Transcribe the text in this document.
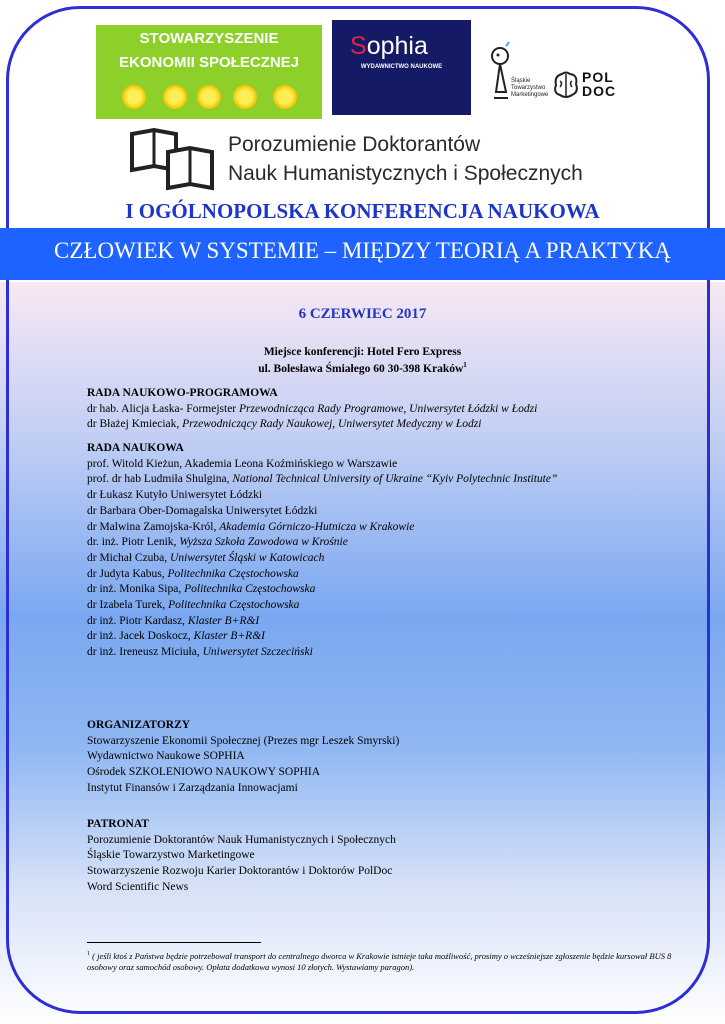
STOWARZYSZENIE
EKONOMII SPOŁECZNEJ
Sophia
WYDAWNICTWO NAUKOWE
Śląskie Towarzystwo Marketingowe
POL
DOC
Porozumienie Doktorantów
Nauk Humanistycznych i Społecznych
I OGÓLNOPOLSKA KONFERENCJA NAUKOWA
CZŁOWIEK W SYSTEMIE – MIĘDZY TEORIĄ A PRAKTYKĄ
6 CZERWIEC 2017
Miejsce konferencji: Hotel Fero Express
ul. Bolesława Śmiałego 60 30-398 Kraków$^1$
RADA NAUKOWO-PROGRAMOWA
dr hab. Alicja Łaska- Formejster Przewodnicząca Rady Programowe, Uniwersytet Łódzki w Łodzi
dr Błażej Kmieciak, Przewodniczący Rady Naukowej, Uniwersytet Medyczny w Łodzi
RADA NAUKOWA
prof. Witold Kieżun, Akademia Leona Koźmińskiego w Warszawie
prof. dr hab Ludmiła Shulgina, National Technical University of Ukraine “Kyiv Polytechnic Institute”
dr Łukasz Kutyło Uniwersytet Łódzki
dr Barbara Ober-Domagalska Uniwersytet Łódzki
dr Malwina Zamojska-Król, Akademia Górniczo-Hutnicza w Krakowie
dr. inż. Piotr Lenik, Wyższa Szkoła Zawodowa w Krośnie
dr Michał Czuba, Uniwersytet Śląski w Katowicach
dr Judyta Kabus, Politechnika Częstochowska
dr inż. Monika Sipa, Politechnika Częstochowska
dr Izabela Turek, Politechnika Częstochowska
dr inż. Piotr Kardasz, Klaster B+R&I
dr inż. Jacek Doskocz, Klaster B+R&I
dr inż. Ireneusz Miciuła, Uniwersytet Szczeciński
ORGANIZATORZY
Stowarzyszenie Ekonomii Społecznej (Prezes mgr Leszek Smyrski)
Wydawnictwo Naukowe SOPHIA
Ośrodek SZKOLENIOWO NAUKOWY SOPHIA
Instytut Finansów i Zarządzania Innowacjami
PATRONAT
Porozumienie Doktorantów Nauk Humanistycznych i Społecznych
Śląskie Towarzystwo Marketingowe
Stowarzyszenie Rozwoju Karier Doktorantów i Doktorów PolDoc
Word Scientific News
$^1$ ( jeśli ktoś z Państwa będzie potrzebował transport do centralnego dworca w Krakowie istnieje taka możliwość, prosimy o wcześniejsze zgłoszenie będzie kursował BUS 8 osobowy oraz samochód osobowy. Opłata dodatkowa wynosi 10 złotych. Wystawiamy paragon).
